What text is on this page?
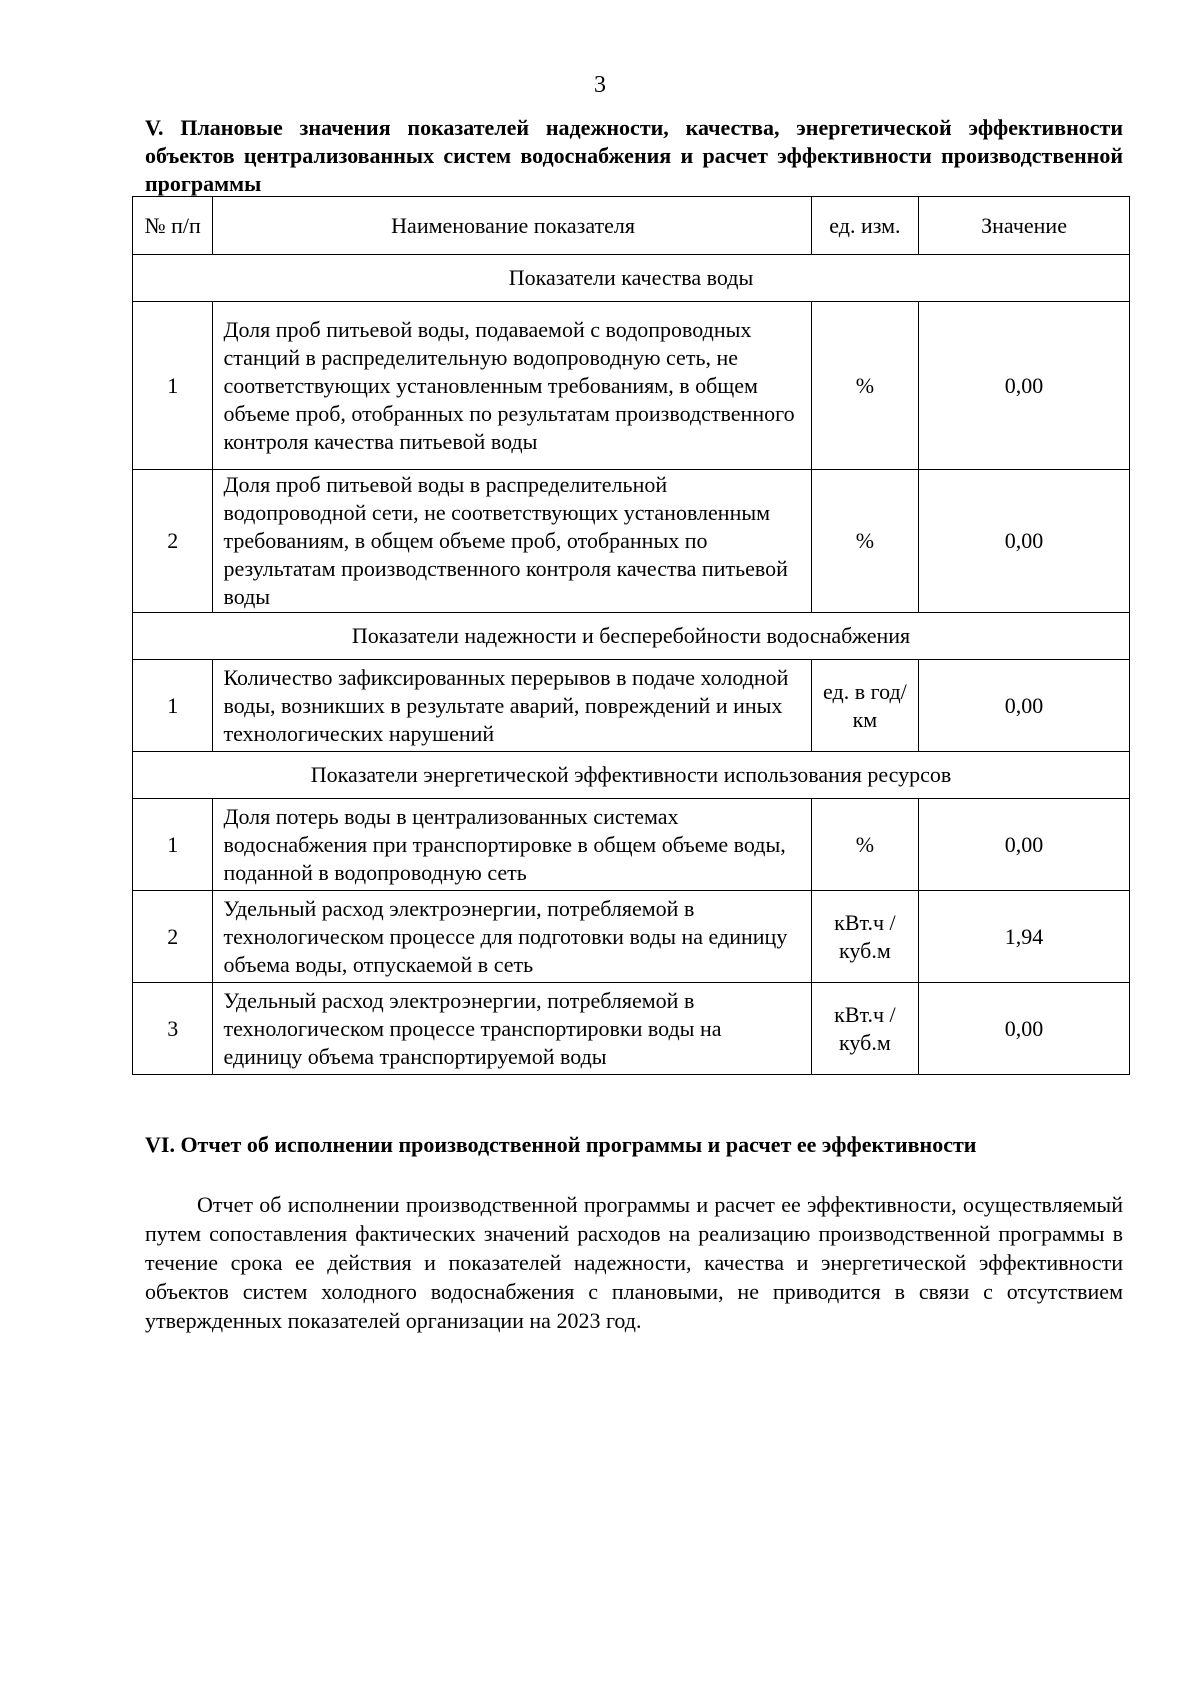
3
V. Плановые значения показателей надежности, качества, энергетической эффективности объектов централизованных систем водоснабжения и расчет эффективности производственной программы
№ п/п	Наименование показателя	ед. изм.	Значение
Показатели качества воды			
1	Доля проб питьевой воды, подаваемой с водопроводных станций в распределительную водопроводную сеть, не соответствующих установленным требованиям, в общем объеме проб, отобранных по результатам производственного контроля качества питьевой воды	%	0,00
2	Доля проб питьевой воды в распределительной водопроводной сети, не соответствующих установленным требованиям, в общем объеме проб, отобранных по результатам производственного контроля качества питьевой воды	%	0,00
Показатели надежности и бесперебойности водоснабжения			
1	Количество зафиксированных перерывов в подаче холодной воды, возникших в результате аварий, повреждений и иных технологических нарушений	ед. в год/ км	0,00
Показатели энергетической эффективности использования ресурсов			
1	Доля потерь воды в централизованных системах водоснабжения при транспортировке в общем объеме воды, поданной в водопроводную сеть	%	0,00
2	Удельный расход электроэнергии, потребляемой в технологическом процессе для подготовки воды на единицу объема воды, отпускаемой в сеть	кВт.ч / куб.м	1,94
3	Удельный расход электроэнергии, потребляемой в технологическом процессе транспортировки воды на единицу объема транспортируемой воды	кВт.ч / куб.м	0,00
VI. Отчет об исполнении производственной программы и расчет ее эффективности
Отчет об исполнении производственной программы и расчет ее эффективности, осуществляемый путем сопоставления фактических значений расходов на реализацию производственной программы в течение срока ее действия и показателей надежности, качества и энергетической эффективности объектов систем холодного водоснабжения с плановыми, не приводится в связи с отсутствием утвержденных показателей организации на 2023 год.
